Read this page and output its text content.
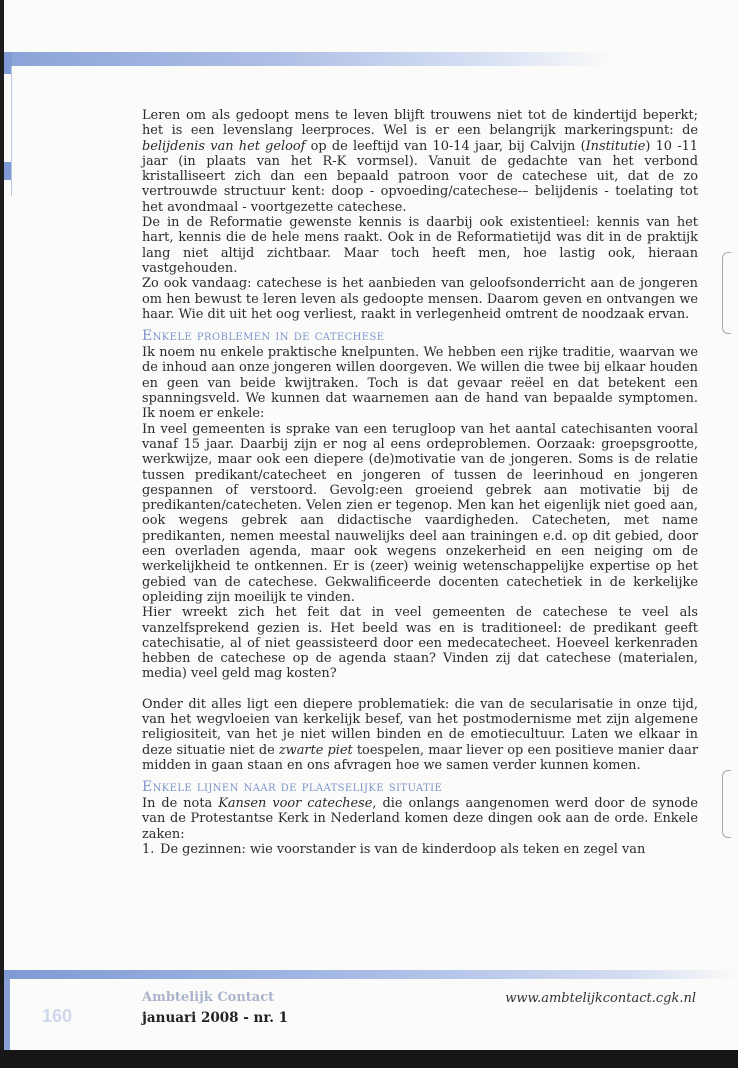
Leren om als gedoopt mens te leven blijft trouwens niet tot de kindertijd beperkt; het is een levenslang leerproces. Wel is er een belangrijk markeringspunt: de belijdenis van het geloof op de leeftijd van 10-14 jaar, bij Calvijn (Institutie) 10 -11 jaar (in plaats van het R-K vormsel). Vanuit de gedachte van het verbond kristalliseert zich dan een bepaald patroon voor de catechese uit, dat de zo vertrouwde structuur kent: doop - opvoeding/catechese-– belijdenis - toelating tot het avondmaal - voortgezette catechese.

De in de Reformatie gewenste kennis is daarbij ook existentieel: kennis van het hart, kennis die de hele mens raakt. Ook in de Reformatietijd was dit in de praktijk lang niet altijd zichtbaar. Maar toch heeft men, hoe lastig ook, hieraan vastgehouden.

Zo ook vandaag: catechese is het aanbieden van geloofsonderricht aan de jongeren om hen bewust te leren leven als gedoopte mensen. Daarom geven en ontvangen we haar. Wie dit uit het oog verliest, raakt in verlegenheid omtrent de noodzaak ervan.

Enkele problemen in de catechese

Ik noem nu enkele praktische knelpunten. We hebben een rijke traditie, waarvan we de inhoud aan onze jongeren willen doorgeven. We willen die twee bij elkaar houden en geen van beide kwijtraken. Toch is dat gevaar reëel en dat betekent een spanningsveld. We kunnen dat waarnemen aan de hand van bepaalde symptomen. Ik noem er enkele:

In veel gemeenten is sprake van een terugloop van het aantal catechisanten vooral vanaf 15 jaar. Daarbij zijn er nog al eens ordeproblemen. Oorzaak: groepsgrootte, werkwijze, maar ook een diepere (de)motivatie van de jongeren. Soms is de relatie tussen predikant/catecheet en jongeren of tussen de leerinhoud en jongeren gespannen of verstoord. Gevolg:een groeiend gebrek aan motivatie bij de predikanten/catecheten. Velen zien er tegenop. Men kan het eigenlijk niet goed aan, ook wegens gebrek aan didactische vaardigheden. Catecheten, met name predikanten, nemen meestal nauwelijks deel aan trainingen e.d. op dit gebied, door een overladen agenda, maar ook wegens onzekerheid en een neiging om de werkelijkheid te ontkennen. Er is (zeer) weinig wetenschappelijke expertise op het gebied van de catechese. Gekwalificeerde docenten catechetiek in de kerkelijke opleiding zijn moeilijk te vinden.

Hier wreekt zich het feit dat in veel gemeenten de catechese te veel als vanzelfsprekend gezien is. Het beeld was en is traditioneel: de predikant geeft catechisatie, al of niet geassisteerd door een medecatecheet. Hoeveel kerkenraden hebben de catechese op de agenda staan? Vinden zij dat catechese (materialen, media) veel geld mag kosten?

Onder dit alles ligt een diepere problematiek: die van de secularisatie in onze tijd, van het wegvloeien van kerkelijk besef, van het postmodernisme met zijn algemene religiositeit, van het je niet willen binden en de emotiecultuur. Laten we elkaar in deze situatie niet de zwarte piet toespelen, maar liever op een positieve manier daar midden in gaan staan en ons afvragen hoe we samen verder kunnen komen.

Enkele lijnen naar de plaatselijke situatie

In de nota Kansen voor catechese, die onlangs aangenomen werd door de synode van de Protestantse Kerk in Nederland komen deze dingen ook aan de orde. Enkele zaken:

1. De gezinnen: wie voorstander is van de kinderdoop als teken en zegel van
160
Ambtelijk Contact
januari 2008 - nr. 1
www.ambtelijkcontact.cgk.nl
